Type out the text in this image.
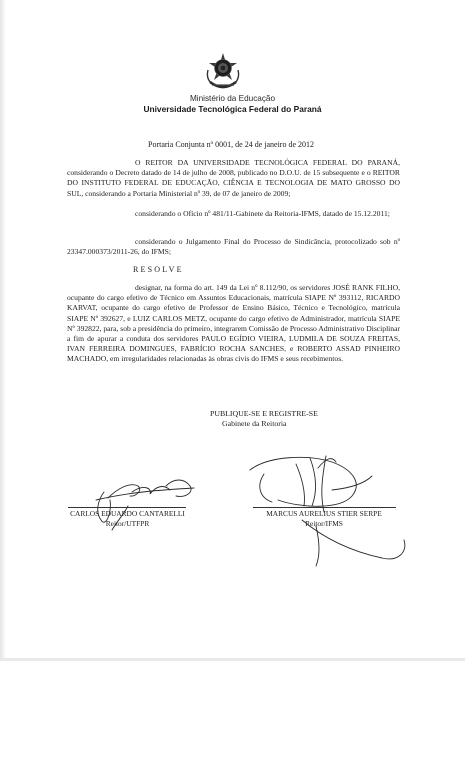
Ministério da Educação
Universidade Tecnológica Federal do Paraná
Portaria Conjunta nº 0001, de 24 de janeiro de 2012
O REITOR DA UNIVERSIDADE TECNOLÓGICA FEDERAL DO PARANÁ, considerando o Decreto datado de 14 de julho de 2008, publicado no D.O.U. de 15 subsequente e o REITOR DO INSTITUTO FEDERAL DE EDUCAÇÃO, CIÊNCIA E TECNOLOGIA DE MATO GROSSO DO SUL, considerando a Portaria Ministerial nº 39, de 07 de janeiro de 2009;
considerando o Ofício nº 481/11-Gabinete da Reitoria-IFMS, datado de 15.12.2011;
considerando o Julgamento Final do Processo de Sindicância, protocolizado sob nº 23347.000373/2011-26, do IFMS;
RESOLVE
designar, na forma do art. 149 da Lei nº 8.112/90, os servidores JOSÉ RANK FILHO, ocupante do cargo efetivo de Técnico em Assuntos Educacionais, matrícula SIAPE Nº 393112, RICARDO KARVAT, ocupante do cargo efetivo de Professor de Ensino Básico, Técnico e Tecnológico, matrícula SIAPE Nº 392627, e LUIZ CARLOS METZ, ocupante do cargo efetivo de Administrador, matrícula SIAPE Nº 392822, para, sob a presidência do primeiro, integrarem Comissão de Processo Administrativo Disciplinar a fim de apurar a conduta dos servidores PAULO EGÍDIO VIEIRA, LUDMILA DE SOUZA FREITAS, IVAN FERREIRA DOMINGUES, FABRÍCIO ROCHA SANCHES, e ROBERTO ASSAD PINHEIRO MACHADO, em irregularidades relacionadas às obras civis do IFMS e seus recebimentos.
PUBLIQUE-SE E REGISTRE-SE
Gabinete da Reitoria
CARLOS EDUARDO CANTARELLI
Reitor/UTFPR
MARCUS AURELIUS STIER SERPE
Reitor/IFMS
